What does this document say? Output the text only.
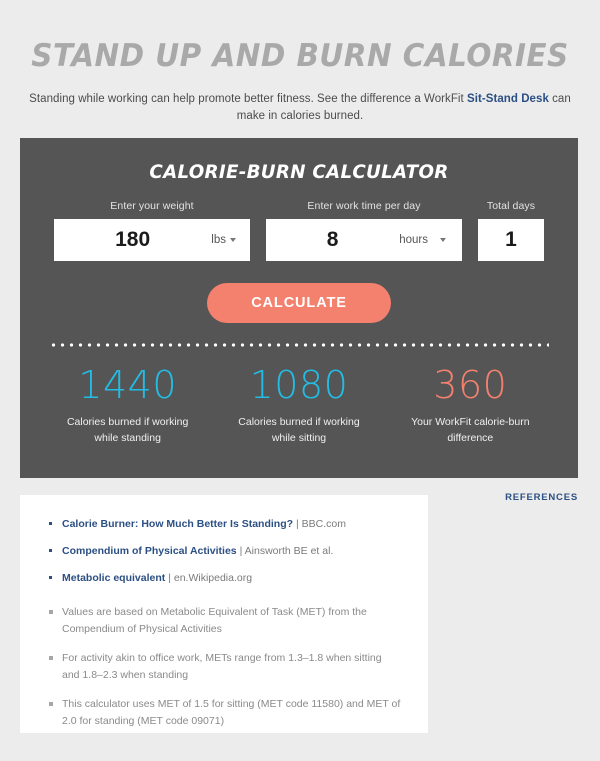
STAND UP AND BURN CALORIES

Standing while working can help promote better fitness. See the difference a WorkFit Sit-Stand Desk can make in calories burned.

CALORIE-BURN CALCULATOR
Enter your weight
180
lbs
Enter work time per day
8
hours
Total days
1
CALCULATE
1440
Calories burned if working while standing
1080
Calories burned if working while sitting
360
Your WorkFit calorie-burn difference
REFERENCES
Calorie Burner: How Much Better Is Standing? | BBC.com
Compendium of Physical Activities | Ainsworth BE et al.
Metabolic equivalent | en.Wikipedia.org
Values are based on Metabolic Equivalent of Task (MET) from the Compendium of Physical Activities
For activity akin to office work, METs range from 1.3–1.8 when sitting and 1.8–2.3 when standing
This calculator uses MET of 1.5 for sitting (MET code 11580) and MET of 2.0 for standing (MET code 09071)
